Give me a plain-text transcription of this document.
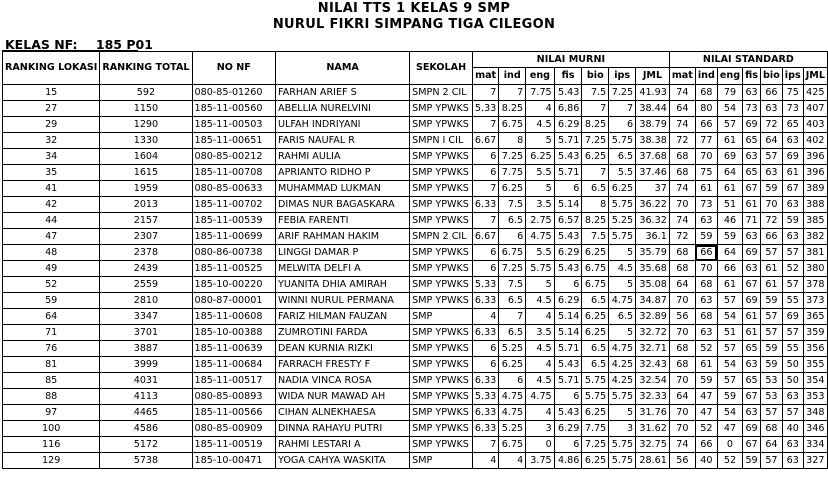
NILAI TTS 1 KELAS 9 SMP
NURUL FIKRI SIMPANG TIGA CILEGON
KELAS NF: 185 P01
RANKING LOKASI	RANKING TOTAL	NO NF	NAMA	SEKOLAH	NILAI MURNI							NILAI STANDARD						
					mat	ind	eng	fis	bio	ips	JML	mat	ind	eng	fis	bio	ips	JML
15	592	080-85-01260	FARHAN ARIEF S	SMPN 2 CIL	7	7	7.75	5.43	7.5	7.25	41.93	74	68	79	63	66	75	425
27	1150	185-11-00560	ABELLIA NURELVINI	SMP YPWKS	5.33	8.25	4	6.86	7	7	38.44	64	80	54	73	63	73	407
29	1290	185-11-00503	ULFAH INDRIYANI	SMP YPWKS	7	6.75	4.5	6.29	8.25	6	38.79	74	66	57	69	72	65	403
32	1330	185-11-00651	FARIS NAUFAL R	SMPN I CIL	6.67	8	5	5.71	7.25	5.75	38.38	72	77	61	65	64	63	402
34	1604	080-85-00212	RAHMI AULIA	SMP YPWKS	6	7.25	6.25	5.43	6.25	6.5	37.68	68	70	69	63	57	69	396
35	1615	185-11-00708	APRIANTO RIDHO P	SMP YPWKS	6	7.75	5.5	5.71	7	5.5	37.46	68	75	64	65	63	61	396
41	1959	080-85-00633	MUHAMMAD LUKMAN	SMP YPWKS	7	6.25	5	6	6.5	6.25	37	74	61	61	67	59	67	389
42	2013	185-11-00702	DIMAS NUR BAGASKARA	SMP YPWKS	6.33	7.5	3.5	5.14	8	5.75	36.22	70	73	51	61	70	63	388
44	2157	185-11-00539	FEBIA FARENTI	SMP YPWKS	7	6.5	2.75	6.57	8.25	5.25	36.32	74	63	46	71	72	59	385
47	2307	185-11-00699	ARIF RAHMAN HAKIM	SMPN 2 CIL	6.67	6	4.75	5.43	7.5	5.75	36.1	72	59	59	63	66	63	382
48	2378	080-86-00738	LINGGI DAMAR P	SMP YPWKS	6	6.75	5.5	6.29	6.25	5	35.79	68	66	64	69	57	57	381
49	2439	185-11-00525	MELWITA DELFI A	SMP YPWKS	6	7.25	5.75	5.43	6.75	4.5	35.68	68	70	66	63	61	52	380
52	2559	185-10-00220	YUANITA DHIA AMIRAH	SMP YPWKS	5.33	7.5	5	6	6.75	5	35.08	64	68	61	67	61	57	378
59	2810	080-87-00001	WINNI NURUL PERMANA	SMP YPWKS	6.33	6.5	4.5	6.29	6.5	4.75	34.87	70	63	57	69	59	55	373
64	3347	185-11-00608	FARIZ HILMAN FAUZAN	SMP	4	7	4	5.14	6.25	6.5	32.89	56	68	54	61	57	69	365
71	3701	185-10-00388	ZUMROTINI FARDA	SMP YPWKS	6.33	6.5	3.5	5.14	6.25	5	32.72	70	63	51	61	57	57	359
76	3887	185-11-00639	DEAN KURNIA RIZKI	SMP YPWKS	6	5.25	4.5	5.71	6.5	4.75	32.71	68	52	57	65	59	55	356
81	3999	185-11-00684	FARRACH FRESTY F	SMP YPWKS	6	6.25	4	5.43	6.5	4.25	32.43	68	61	54	63	59	50	355
85	4031	185-11-00517	NADIA VINCA ROSA	SMP YPWKS	6.33	6	4.5	5.71	5.75	4.25	32.54	70	59	57	65	53	50	354
88	4113	080-85-00893	WIDA NUR MAWAD AH	SMP YPWKS	5.33	4.75	4.75	6	5.75	5.75	32.33	64	47	59	67	53	63	353
97	4465	185-11-00566	CIHAN ALNEKHAESA	SMP YPWKS	6.33	4.75	4	5.43	6.25	5	31.76	70	47	54	63	57	57	348
100	4586	080-85-00909	DINNA RAHAYU PUTRI	SMP YPWKS	6.33	5.25	3	6.29	7.75	3	31.62	70	52	47	69	68	40	346
116	5172	185-11-00519	RAHMI LESTARI A	SMP YPWKS	7	6.75	0	6	7.25	5.75	32.75	74	66	0	67	64	63	334
129	5738	185-10-00471	YOGA CAHYA WASKITA	SMP	4	4	3.75	4.86	6.25	5.75	28.61	56	40	52	59	57	63	327
